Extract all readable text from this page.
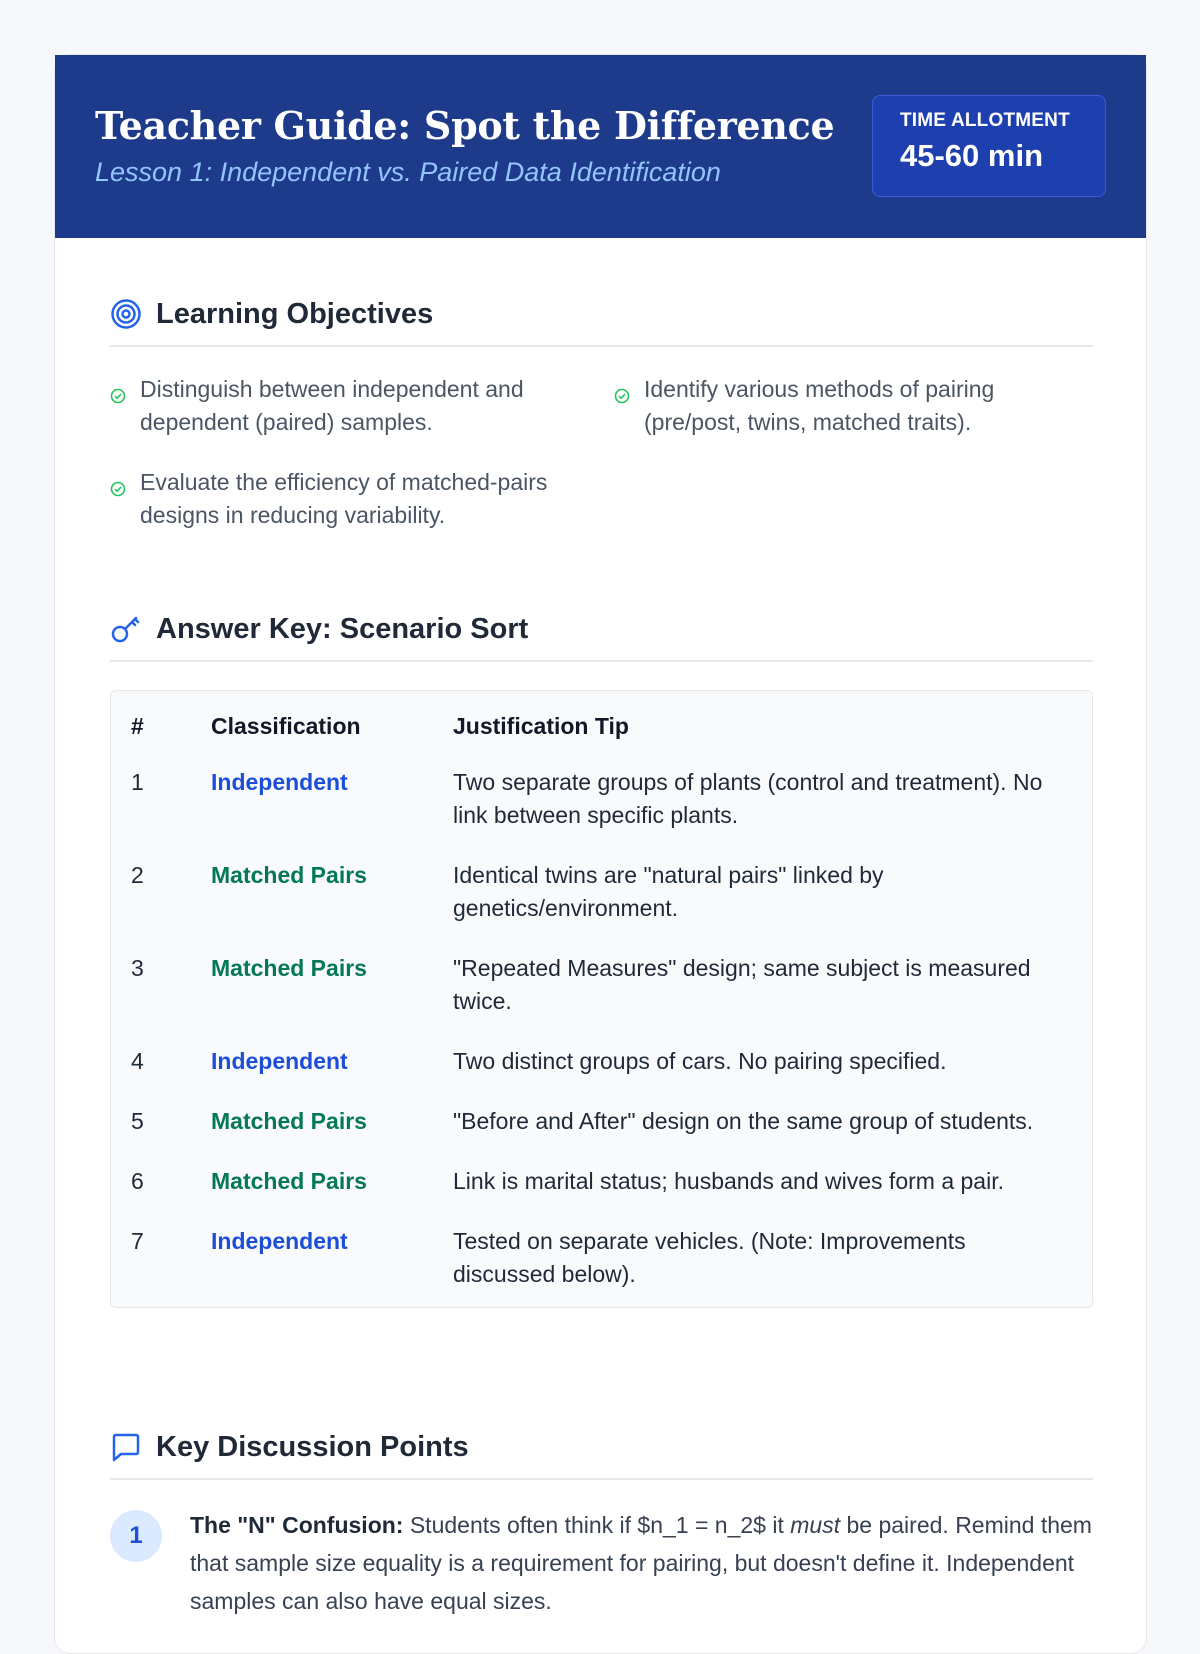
Teacher Guide: Spot the Difference
Lesson 1: Independent vs. Paired Data Identification
TIME ALLOTMENT
45-60 min
Learning Objectives
Distinguish between independent and dependent (paired) samples.
Identify various methods of pairing (pre/post, twins, matched traits).
Evaluate the efficiency of matched-pairs designs in reducing variability.
Answer Key: Scenario Sort
#	Classification	Justification Tip
1	Independent	Two separate groups of plants (control and treatment). No link between specific plants.
2	Matched Pairs	Identical twins are "natural pairs" linked by genetics/environment.
3	Matched Pairs	"Repeated Measures" design; same subject is measured twice.
4	Independent	Two distinct groups of cars. No pairing specified.
5	Matched Pairs	"Before and After" design on the same group of students.
6	Matched Pairs	Link is marital status; husbands and wives form a pair.
7	Independent	Tested on separate vehicles. (Note: Improvements discussed below).
Key Discussion Points
1	The "N" Confusion: Students often think if $n_1 = n_2$ it must be paired. Remind them that sample size equality is a requirement for pairing, but doesn't define it. Independent samples can also have equal sizes.
